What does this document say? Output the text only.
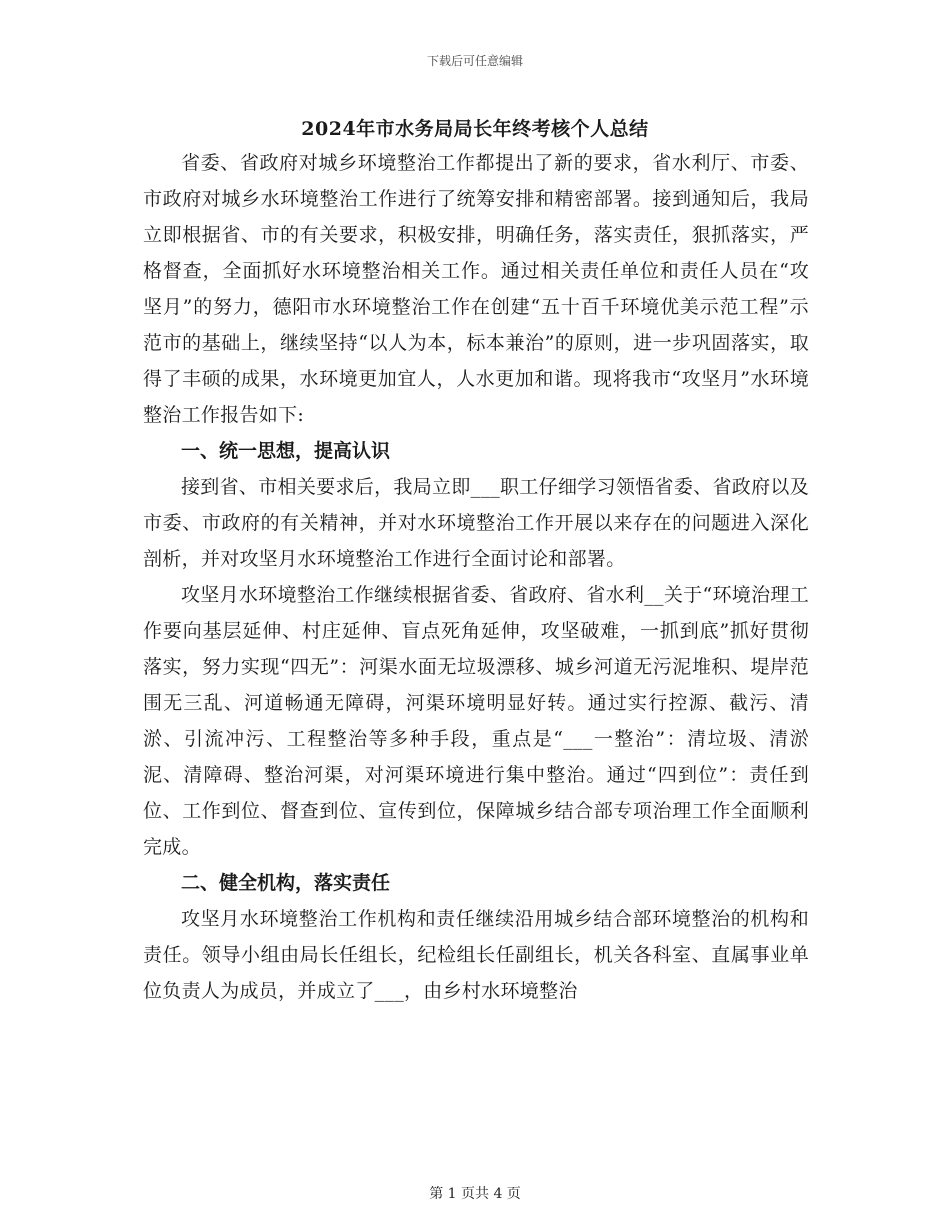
下载后可任意编辑
2024年市水务局局长年终考核个人总结

省委、省政府对城乡环境整治工作都提出了新的要求，省水利厅、市委、市政府对城乡水环境整治工作进行了统筹安排和精密部署。接到通知后，我局立即根据省、市的有关要求，积极安排，明确任务，落实责任，狠抓落实，严格督查，全面抓好水环境整治相关工作。通过相关责任单位和责任人员在“攻坚月”的努力，德阳市水环境整治工作在创建“五十百千环境优美示范工程”示范市的基础上，继续坚持“以人为本，标本兼治”的原则，进一步巩固落实，取得了丰硕的成果，水环境更加宜人，人水更加和谐。现将我市“攻坚月”水环境整治工作报告如下:

一、统一思想，提高认识

接到省、市相关要求后，我局立即___职工仔细学习领悟省委、省政府以及市委、市政府的有关精神，并对水环境整治工作开展以来存在的问题进入深化剖析，并对攻坚月水环境整治工作进行全面讨论和部署。

攻坚月水环境整治工作继续根据省委、省政府、省水利__关于“环境治理工作要向基层延伸、村庄延伸、盲点死角延伸，攻坚破难，一抓到底”抓好贯彻落实，努力实现“四无”：河渠水面无垃圾漂移、城乡河道无污泥堆积、堤岸范围无三乱、河道畅通无障碍，河渠环境明显好转。通过实行控源、截污、清淤、引流冲污、工程整治等多种手段，重点是“___一整治”：清垃圾、清淤泥、清障碍、整治河渠，对河渠环境进行集中整治。通过“四到位”：责任到位、工作到位、督查到位、宣传到位，保障城乡结合部专项治理工作全面顺利完成。

二、健全机构，落实责任

攻坚月水环境整治工作机构和责任继续沿用城乡结合部环境整治的机构和责任。领导小组由局长任组长，纪检组长任副组长，机关各科室、直属事业单位负责人为成员，并成立了___，由乡村水环境整治

第 1 页共 4 页
